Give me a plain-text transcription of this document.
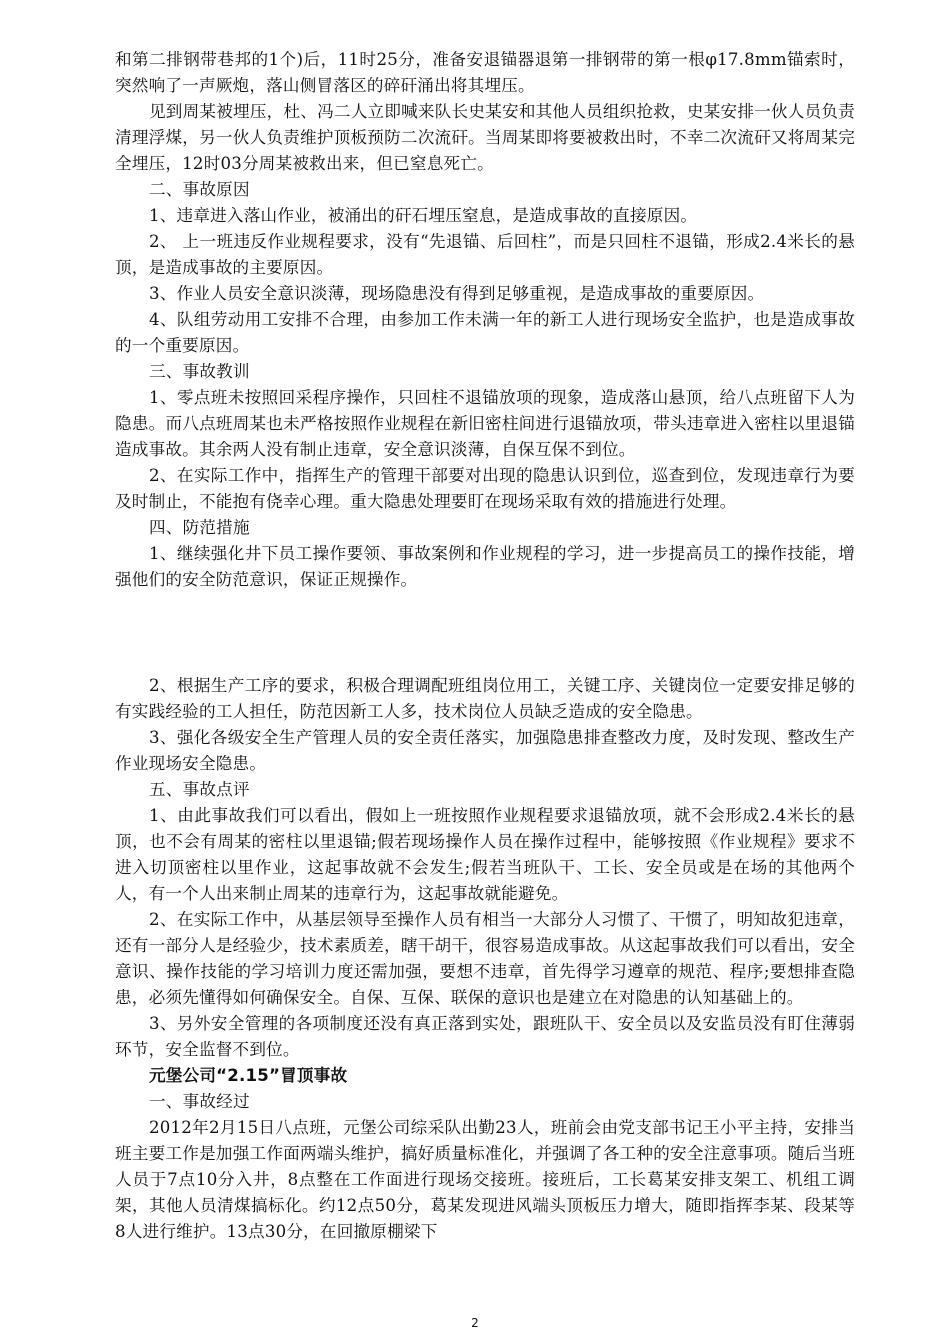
和第二排钢带巷邦的1个)后，11时25分，准备安退锚器退第一排钢带的第一根φ17.8mm锚索时，突然响了一声厥炮，落山侧冒落区的碎矸涌出将其埋压。

见到周某被埋压，杜、冯二人立即喊来队长史某安和其他人员组织抢救，史某安排一伙人员负责清理浮煤，另一伙人负责维护顶板预防二次流矸。当周某即将要被救出时，不幸二次流矸又将周某完全埋压，12时03分周某被救出来，但已窒息死亡。

二、事故原因

1、违章进入落山作业，被涌出的矸石埋压窒息，是造成事故的直接原因。

2、 上一班违反作业规程要求，没有“先退锚、后回柱”，而是只回柱不退锚，形成2.4米长的悬顶，是造成事故的主要原因。

3、作业人员安全意识淡薄，现场隐患没有得到足够重视，是造成事故的重要原因。

4、队组劳动用工安排不合理，由参加工作未满一年的新工人进行现场安全监护，也是造成事故的一个重要原因。

三、事故教训

1、零点班未按照回采程序操作，只回柱不退锚放项的现象，造成落山悬顶，给八点班留下人为隐患。而八点班周某也未严格按照作业规程在新旧密柱间进行退锚放项，带头违章进入密柱以里退锚造成事故。其余两人没有制止违章，安全意识淡薄，自保互保不到位。

2、在实际工作中，指挥生产的管理干部要对出现的隐患认识到位，巡查到位，发现违章行为要及时制止，不能抱有侥幸心理。重大隐患处理要盯在现场采取有效的措施进行处理。

四、防范措施

1、继续强化井下员工操作要领、事故案例和作业规程的学习，进一步提高员工的操作技能，增强他们的安全防范意识，保证正规操作。

2、根据生产工序的要求，积极合理调配班组岗位用工，关键工序、关键岗位一定要安排足够的有实践经验的工人担任，防范因新工人多，技术岗位人员缺乏造成的安全隐患。

3、强化各级安全生产管理人员的安全责任落实，加强隐患排查整改力度，及时发现、整改生产作业现场安全隐患。

五、事故点评

1、由此事故我们可以看出，假如上一班按照作业规程要求退锚放项，就不会形成2.4米长的悬顶，也不会有周某的密柱以里退锚;假若现场操作人员在操作过程中，能够按照《作业规程》要求不进入切顶密柱以里作业，这起事故就不会发生;假若当班队干、工长、安全员或是在场的其他两个人，有一个人出来制止周某的违章行为，这起事故就能避免。

2、在实际工作中，从基层领导至操作人员有相当一大部分人习惯了、干惯了，明知故犯违章，还有一部分人是经验少，技术素质差，瞎干胡干，很容易造成事故。从这起事故我们可以看出，安全意识、操作技能的学习培训力度还需加强，要想不违章，首先得学习遵章的规范、程序;要想排查隐患，必须先懂得如何确保安全。自保、互保、联保的意识也是建立在对隐患的认知基础上的。

3、另外安全管理的各项制度还没有真正落到实处，跟班队干、安全员以及安监员没有盯住薄弱环节，安全监督不到位。

元堡公司“2.15”冒顶事故

一、事故经过

2012年2月15日八点班，元堡公司综采队出勤23人，班前会由党支部书记王小平主持，安排当班主要工作是加强工作面两端头维护，搞好质量标准化，并强调了各工种的安全注意事项。随后当班人员于7点10分入井，8点整在工作面进行现场交接班。接班后，工长葛某安排支架工、机组工调架，其他人员清煤搞标化。约12点50分，葛某发现进风端头顶板压力增大，随即指挥李某、段某等8人进行维护。13点30分，在回撤原棚梁下

2
